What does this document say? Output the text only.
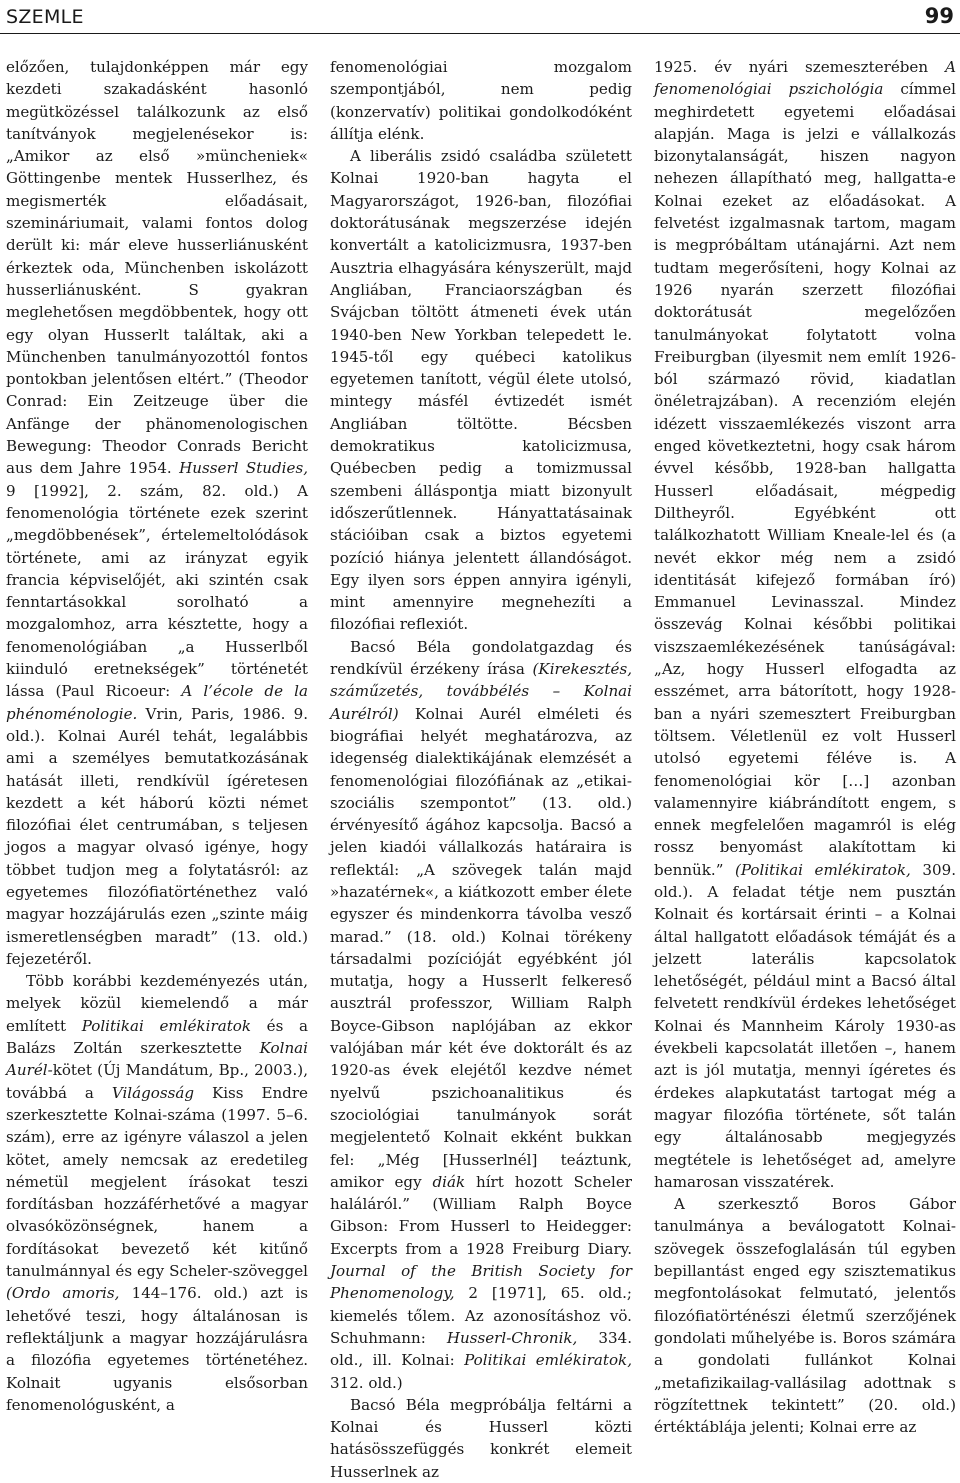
SZEMLE	99

előzően, tulajdonképpen már egy kezdeti szakadásként hasonló megütközéssel találkozunk az első tanítványok megjelenésekor is: „Amikor az első »müncheniek« Göttingenbe mentek Husserlhez, és megismerték előadásait, szemináriumait, valami fontos dolog derült ki: már eleve husserliánusként érkeztek oda, Münchenben iskolázott husserliánusként. S gyakran meglehetősen megdöbbentek, hogy ott egy olyan Husserlt találtak, aki a Münchenben tanulmányozottól fontos pontokban jelentősen eltért.” (Theodor Conrad: Ein Zeitzeuge über die Anfänge der phänomenologischen Bewegung: Theodor Conrads Bericht aus dem Jahre 1954. Husserl Studies, 9 [1992], 2. szám, 82. old.) A fenomenológia története ezek szerint „megdöbbenések”, értelemeltolódások története, ami az irányzat egyik francia képviselőjét, aki szintén csak fenntartásokkal sorolható a mozgalomhoz, arra késztette, hogy a fenomenológiában „a Husserlből kiinduló eretnekségek” történetét lássa (Paul Ricoeur: A l’école de la phénoménologie. Vrin, Paris, 1986. 9. old.). Kolnai Aurél tehát, legalábbis ami a személyes bemutatkozásának hatását illeti, rendkívül ígéretesen kezdett a két háború közti német filozófiai élet centrumában, s teljesen jogos a magyar olvasó igénye, hogy többet tudjon meg a folytatásról: az egyetemes filozófiatörténethez való magyar hozzájárulás ezen „szinte máig ismeretlenségben maradt” (13. old.) fejezetéről.

Több korábbi kezdeményezés után, melyek közül kiemelendő a már említett Politikai emlékiratok és a Balázs Zoltán szerkesztette Kolnai Aurél-kötet (Új Mandátum, Bp., 2003.), továbbá a Világosság Kiss Endre szerkesztette Kolnai-száma (1997. 5–6. szám), erre az igényre válaszol a jelen kötet, amely nemcsak az eredetileg németül megjelent írásokat teszi fordításban hozzáférhetővé a magyar olvasóközönségnek, hanem a fordításokat bevezető két kitűnő tanulmánnyal és egy Scheler-szöveggel (Ordo amoris, 144–176. old.) azt is lehetővé teszi, hogy általánosan is reflektáljunk a magyar hozzájárulásra a filozófia egyetemes történetéhez. Kolnait ugyanis elsősorban fenomenológusként, a

fenomenológiai mozgalom szempontjából, nem pedig (konzervatív) politikai gondolkodóként állítja elénk.

A liberális zsidó családba született Kolnai 1920-ban hagyta el Magyarországot, 1926-ban, filozófiai doktorátusának megszerzése idején konvertált a katolicizmusra, 1937-ben Ausztria elhagyására kényszerült, majd Angliában, Franciaországban és Svájcban töltött átmeneti évek után 1940-ben New Yorkban telepedett le. 1945-től egy québeci katolikus egyetemen tanított, végül élete utolsó, mintegy másfél évtizedét ismét Angliában töltötte. Bécsben demokratikus katolicizmusa, Québecben pedig a tomizmussal szembeni álláspontja miatt bizonyult időszerűtlennek. Hányattatásainak stációiban csak a biztos egyetemi pozíció hiánya jelentett állandóságot. Egy ilyen sors éppen annyira igényli, mint amennyire megnehezíti a filozófiai reflexiót.

Bacsó Béla gondolatgazdag és rendkívül érzékeny írása (Kirekesztés, száműzetés, továbbélés – Kolnai Aurélról) Kolnai Aurél elméleti és biográfiai helyét meghatározva, az idegenség dialektikájának elemzését a fenomenológiai filozófiának az „etikai-szociális szempontot” (13. old.) érvényesítő ágához kapcsolja. Bacsó a jelen kiadói vállalkozás határaira is reflektál: „A szövegek talán majd »hazatérnek«, a kiátkozott ember élete egyszer és mindenkorra távolba vesző marad.” (18. old.) Kolnai törékeny társadalmi pozícióját egyébként jól mutatja, hogy a Husserlt felkereső ausztrál professzor, William Ralph Boyce-Gibson naplójában az ekkor valójában már két éve doktorált és az 1920-as évek elejétől kezdve német nyelvű pszichoanalitikus és szociológiai tanulmányok sorát megjelentető Kolnait ekként bukkan fel: „Még [Husserlnél] teáztunk, amikor egy diák hírt hozott Scheler haláláról.” (William Ralph Boyce Gibson: From Husserl to Heidegger: Excerpts from a 1928 Freiburg Diary. Journal of the British Society for Phenomenology, 2 [1971], 65. old.; kiemelés tőlem. Az azonosításhoz vö. Schuhmann: Husserl-Chronik, 334. old., ill. Kolnai: Politikai emlékiratok, 312. old.)

Bacsó Béla megpróbálja feltárni a Kolnai és Husserl közti hatásösszefüggés konkrét elemeit Husserlnek az

1925. év nyári szemeszterében A fenomenológiai pszichológia címmel meghirdetett egyetemi előadásai alapján. Maga is jelzi e vállalkozás bizonytalanságát, hiszen nagyon nehezen állapítható meg, hallgatta-e Kolnai ezeket az előadásokat. A felvetést izgalmasnak tartom, magam is megpróbáltam utánajárni. Azt nem tudtam megerősíteni, hogy Kolnai az 1926 nyarán szerzett filozófiai doktorátusát megelőzően tanulmányokat folytatott volna Freiburgban (ilyesmit nem említ 1926-ból származó rövid, kiadatlan önéletrajzában). A recenzióm elején idézett visszaemlékezés viszont arra enged következtetni, hogy csak három évvel később, 1928-ban hallgatta Husserl előadásait, mégpedig Diltheyről. Egyébként ott találkozhatott William Kneale-lel és (a nevét ekkor még nem a zsidó identitását kifejező formában író) Emmanuel Levinasszal. Mindez összevág Kolnai későbbi politikai viszszaemlékezésének tanúságával: „Az, hogy Husserl elfogadta az esszémet, arra bátorított, hogy 1928-ban a nyári szemesztert Freiburgban töltsem. Véletlenül ez volt Husserl utolsó egyetemi féléve is. A fenomenológiai kör […] azonban valamennyire kiábrándított engem, s ennek megfelelően magamról is elég rossz benyomást alakítottam ki bennük.” (Politikai emlékiratok, 309. old.). A feladat tétje nem pusztán Kolnait és kortársait érinti – a Kolnai által hallgatott előadások témáját és a jelzett laterális kapcsolatok lehetőségét, például mint a Bacsó által felvetett rendkívül érdekes lehetőséget Kolnai és Mannheim Károly 1930-as évekbeli kapcsolatát illetően –, hanem azt is jól mutatja, mennyi ígéretes és érdekes alapkutatást tartogat még a magyar filozófia története, sőt talán egy általánosabb megjegyzés megtétele is lehetőséget ad, amelyre hamarosan visszatérek.

A szerkesztő Boros Gábor tanulmánya a beválogatott Kolnai-szövegek összefoglalásán túl egyben bepillantást enged egy szisztematikus megfontolásokat felmutató, jelentős filozófiatörténészi életmű szerzőjének gondolati műhelyébe is. Boros számára a gondolati fullánkot Kolnai „metafizikailag-vallásilag adottnak s rögzítettnek tekintett” (20. old.) értéktáblája jelenti; Kolnai erre az
